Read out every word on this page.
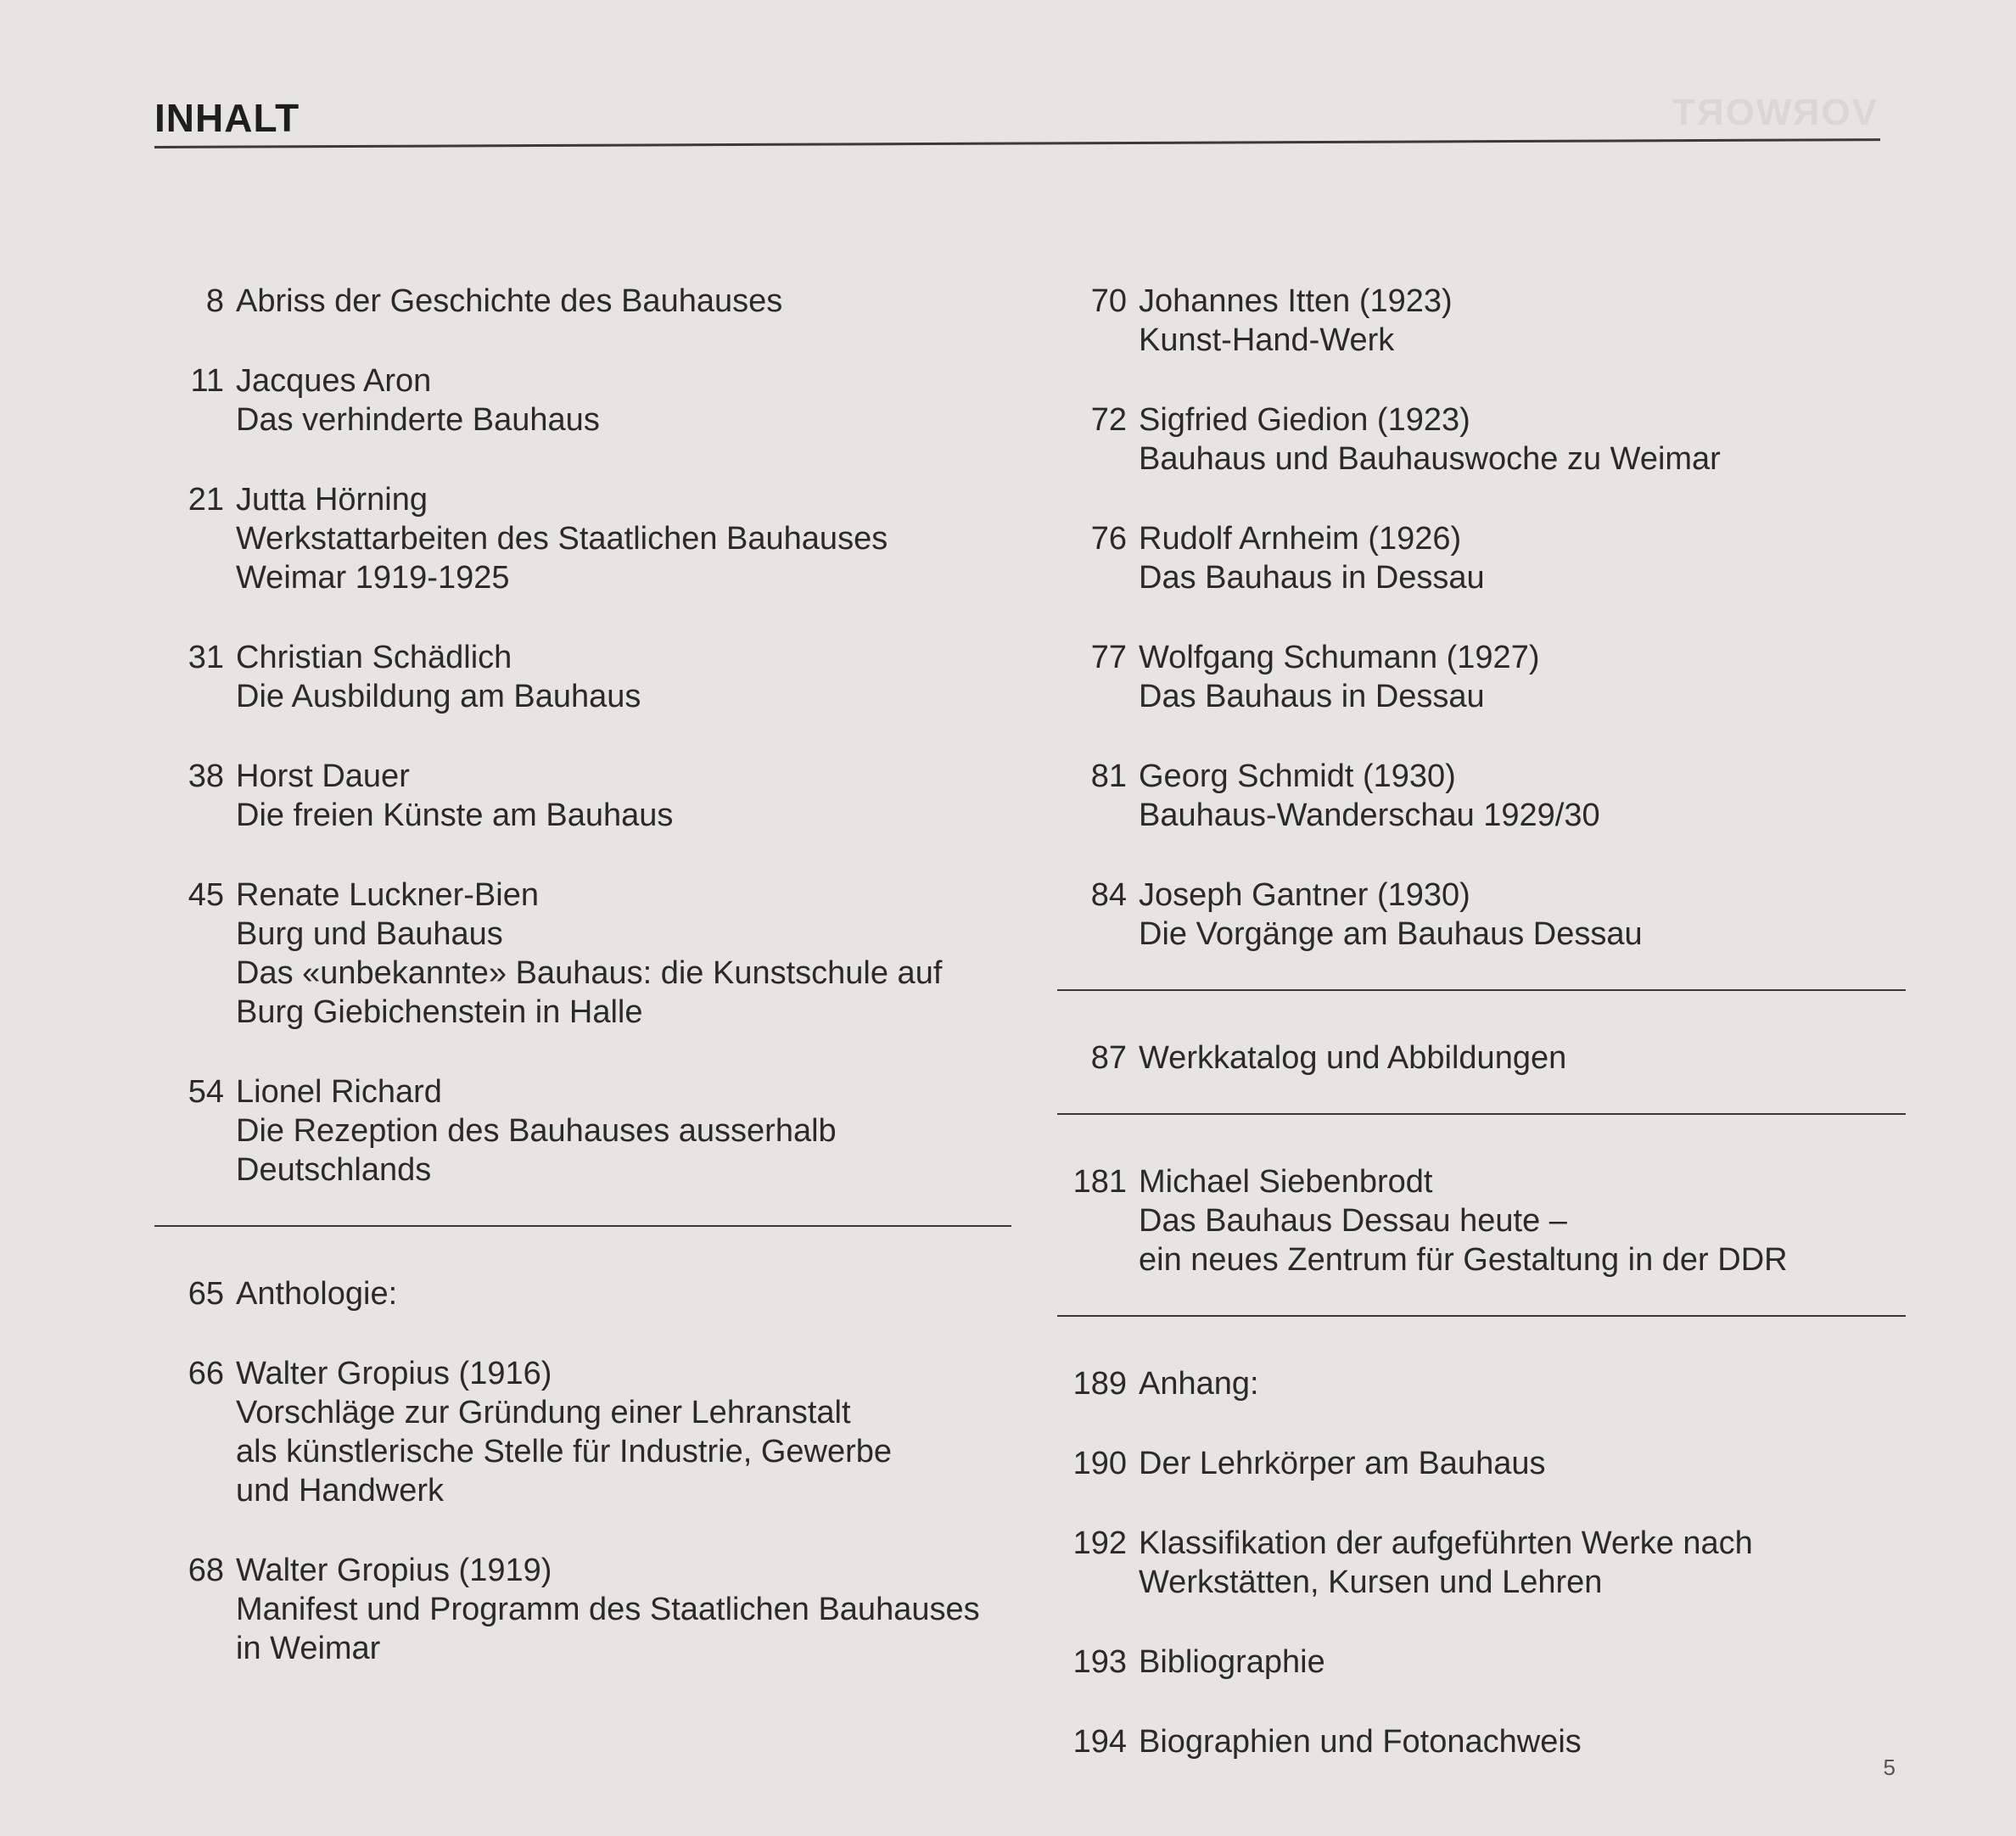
VORWORT
INHALT
8 Abriss der Geschichte des Bauhauses
11 Jacques Aron
Das verhinderte Bauhaus
21 Jutta Hörning
Werkstattarbeiten des Staatlichen Bauhauses
Weimar 1919-1925
31 Christian Schädlich
Die Ausbildung am Bauhaus
38 Horst Dauer
Die freien Künste am Bauhaus
45 Renate Luckner-Bien
Burg und Bauhaus
Das «unbekannte» Bauhaus: die Kunstschule auf
Burg Giebichenstein in Halle
54 Lionel Richard
Die Rezeption des Bauhauses ausserhalb
Deutschlands
65 Anthologie:
66 Walter Gropius (1916)
Vorschläge zur Gründung einer Lehranstalt
als künstlerische Stelle für Industrie, Gewerbe
und Handwerk
68 Walter Gropius (1919)
Manifest und Programm des Staatlichen Bauhauses
in Weimar
70 Johannes Itten (1923)
Kunst-Hand-Werk
72 Sigfried Giedion (1923)
Bauhaus und Bauhauswoche zu Weimar
76 Rudolf Arnheim (1926)
Das Bauhaus in Dessau
77 Wolfgang Schumann (1927)
Das Bauhaus in Dessau
81 Georg Schmidt (1930)
Bauhaus-Wanderschau 1929/30
84 Joseph Gantner (1930)
Die Vorgänge am Bauhaus Dessau
87 Werkkatalog und Abbildungen
181 Michael Siebenbrodt
Das Bauhaus Dessau heute –
ein neues Zentrum für Gestaltung in der DDR
189 Anhang:
190 Der Lehrkörper am Bauhaus
192 Klassifikation der aufgeführten Werke nach
Werkstätten, Kursen und Lehren
193 Bibliographie
194 Biographien und Fotonachweis
5
